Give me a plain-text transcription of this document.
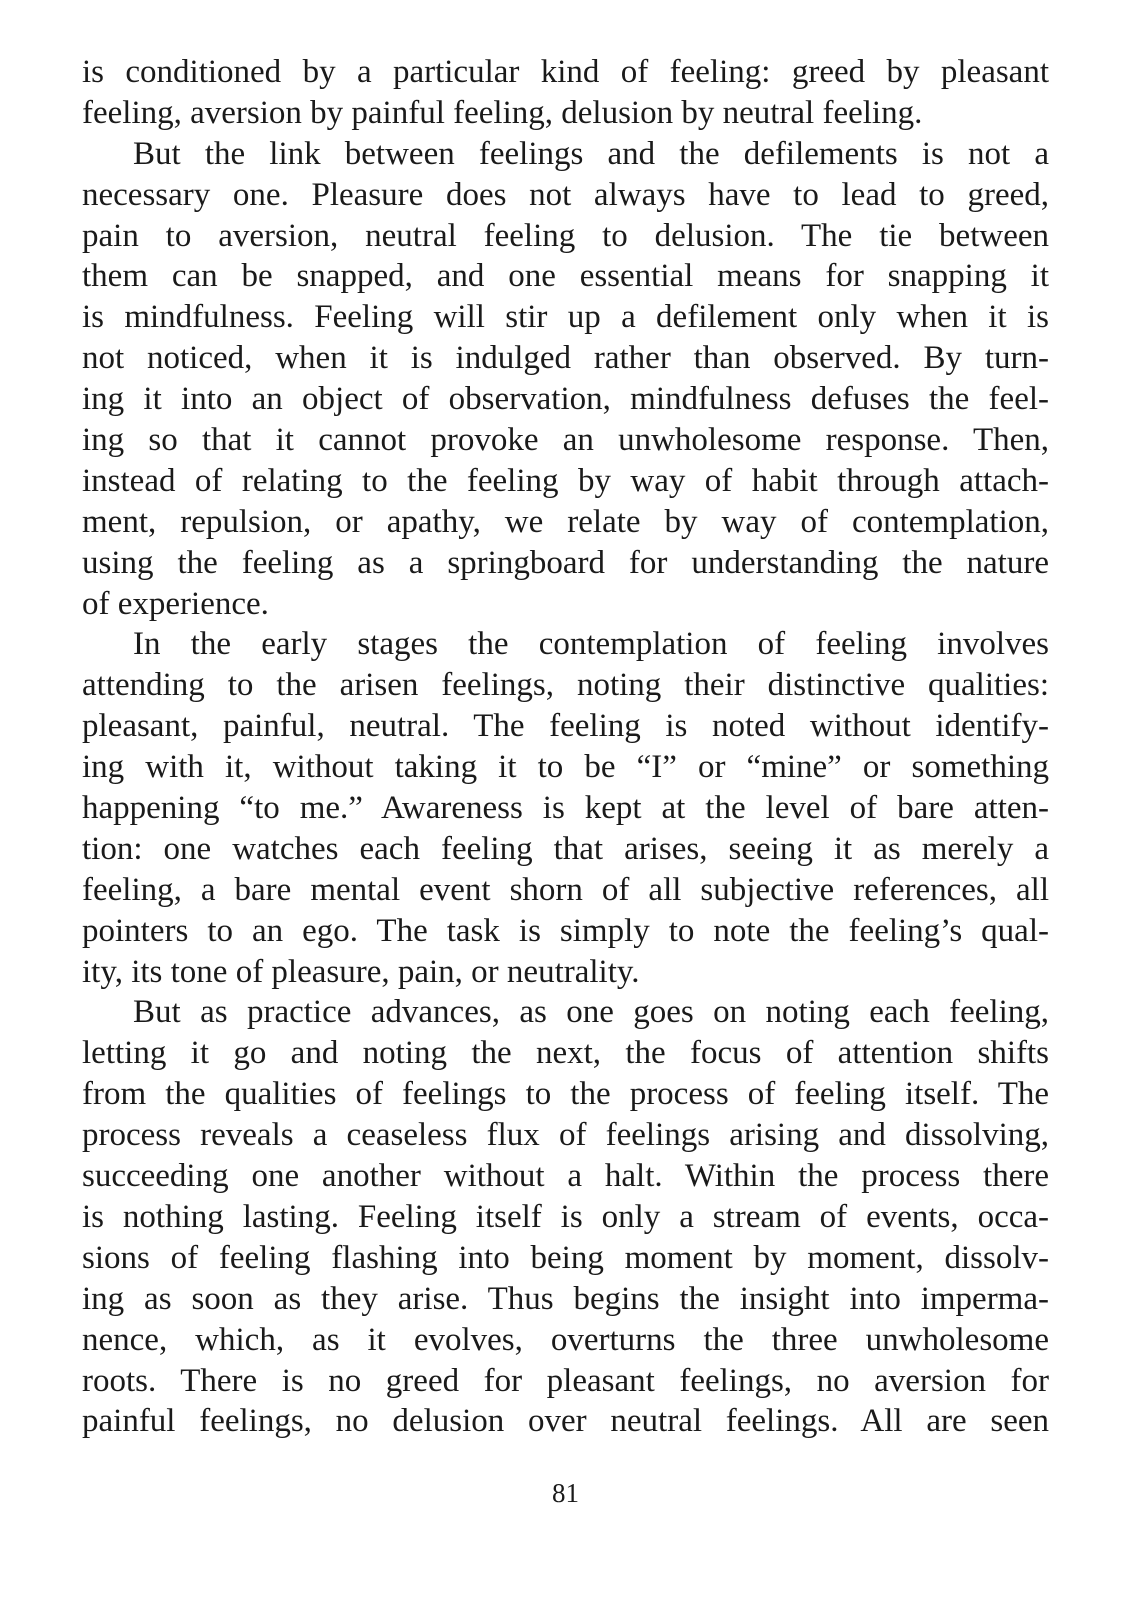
is conditioned by a particular kind of feeling: greed by pleasant
feeling, aversion by painful feeling, delusion by neutral feeling.
But the link between feelings and the defilements is not a
necessary one. Pleasure does not always have to lead to greed,
pain to aversion, neutral feeling to delusion. The tie between
them can be snapped, and one essential means for snapping it
is mindfulness. Feeling will stir up a defilement only when it is
not noticed, when it is indulged rather than observed. By turn-
ing it into an object of observation, mindfulness defuses the feel-
ing so that it cannot provoke an unwholesome response. Then,
instead of relating to the feeling by way of habit through attach-
ment, repulsion, or apathy, we relate by way of contemplation,
using the feeling as a springboard for understanding the nature
of experience.
In the early stages the contemplation of feeling involves
attending to the arisen feelings, noting their distinctive qualities:
pleasant, painful, neutral. The feeling is noted without identify-
ing with it, without taking it to be “I” or “mine” or something
happening “to me.” Awareness is kept at the level of bare atten-
tion: one watches each feeling that arises, seeing it as merely a
feeling, a bare mental event shorn of all subjective references, all
pointers to an ego. The task is simply to note the feeling’s qual-
ity, its tone of pleasure, pain, or neutrality.
But as practice advances, as one goes on noting each feeling,
letting it go and noting the next, the focus of attention shifts
from the qualities of feelings to the process of feeling itself. The
process reveals a ceaseless flux of feelings arising and dissolving,
succeeding one another without a halt. Within the process there
is nothing lasting. Feeling itself is only a stream of events, occa-
sions of feeling flashing into being moment by moment, dissolv-
ing as soon as they arise. Thus begins the insight into imperma-
nence, which, as it evolves, overturns the three unwholesome
roots. There is no greed for pleasant feelings, no aversion for
painful feelings, no delusion over neutral feelings. All are seen
81
